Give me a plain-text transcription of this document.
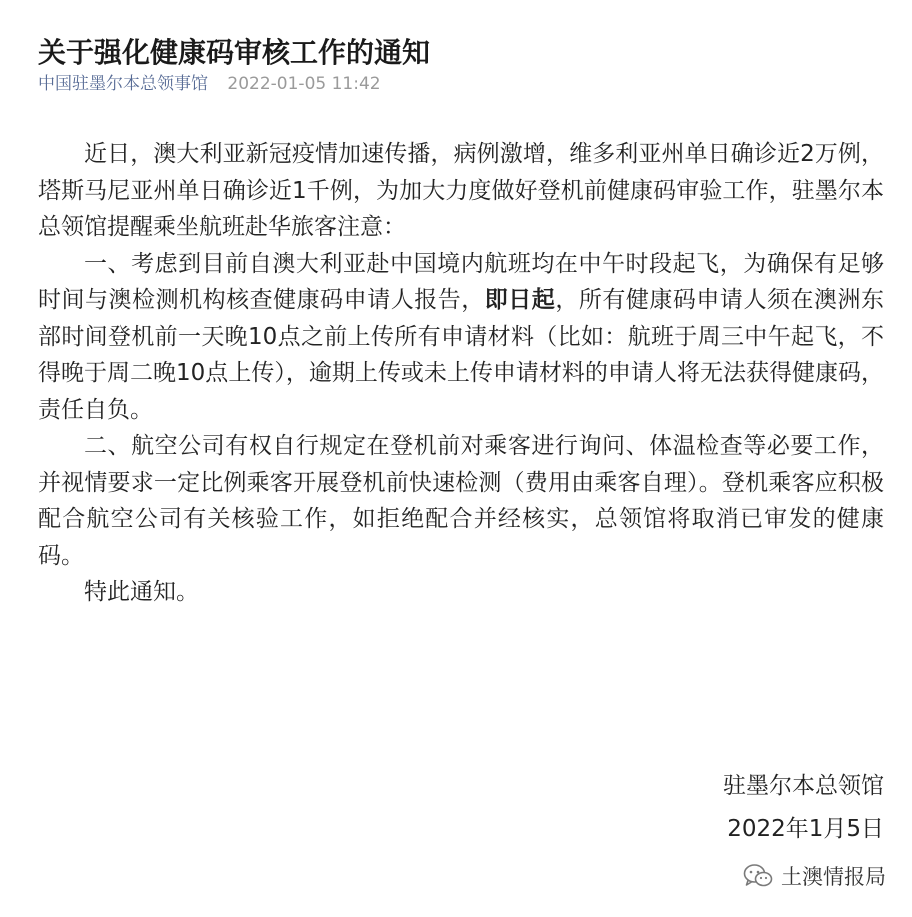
关于强化健康码审核工作的通知
中国驻墨尔本总领事馆 2022-01-05 11:42

近日，澳大利亚新冠疫情加速传播，病例激增，维多利亚州单日确诊近2万例，塔斯马尼亚州单日确诊近1千例，为加大力度做好登机前健康码审验工作，驻墨尔本总领馆提醒乘坐航班赴华旅客注意：

一、考虑到目前自澳大利亚赴中国境内航班均在中午时段起飞，为确保有足够时间与澳检测机构核查健康码申请人报告，即日起，所有健康码申请人须在澳洲东部时间登机前一天晚10点之前上传所有申请材料（比如：航班于周三中午起飞，不得晚于周二晚10点上传），逾期上传或未上传申请材料的申请人将无法获得健康码，责任自负。

二、航空公司有权自行规定在登机前对乘客进行询问、体温检查等必要工作，并视情要求一定比例乘客开展登机前快速检测（费用由乘客自理）。登机乘客应积极配合航空公司有关核验工作，如拒绝配合并经核实，总领馆将取消已审发的健康码。

特此通知。

驻墨尔本总领馆
2022年1月5日
土澳情报局
